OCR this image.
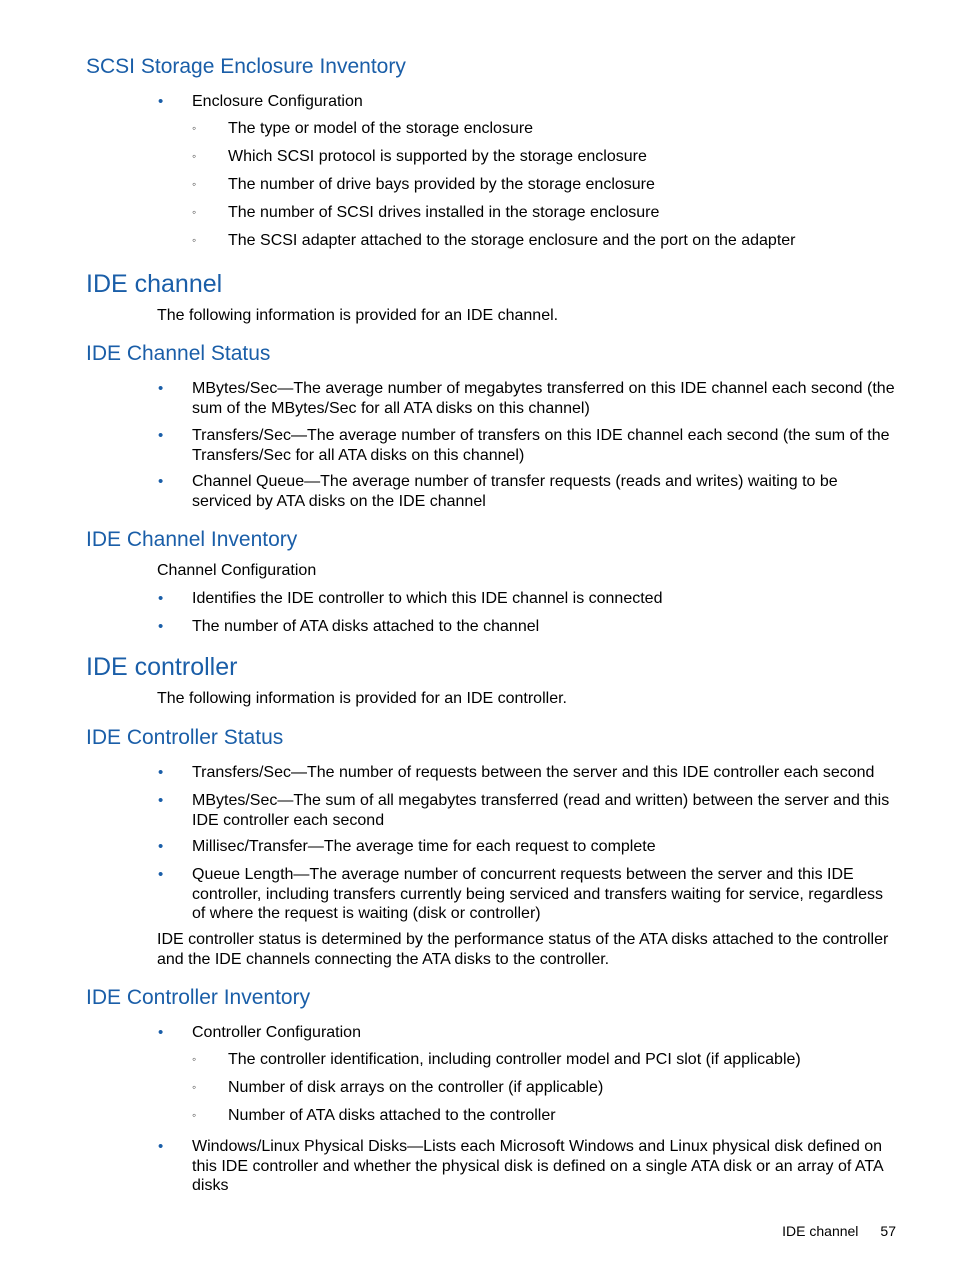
SCSI Storage Enclosure Inventory
• Enclosure Configuration
◦ The type or model of the storage enclosure
◦ Which SCSI protocol is supported by the storage enclosure
◦ The number of drive bays provided by the storage enclosure
◦ The number of SCSI drives installed in the storage enclosure
◦ The SCSI adapter attached to the storage enclosure and the port on the adapter
IDE channel

The following information is provided for an IDE channel.

IDE Channel Status
• MBytes/Sec—The average number of megabytes transferred on this IDE channel each second (the sum of the MBytes/Sec for all ATA disks on this channel)
• Transfers/Sec—The average number of transfers on this IDE channel each second (the sum of the Transfers/Sec for all ATA disks on this channel)
• Channel Queue—The average number of transfer requests (reads and writes) waiting to be serviced by ATA disks on the IDE channel
IDE Channel Inventory

Channel Configuration

• Identifies the IDE controller to which this IDE channel is connected
• The number of ATA disks attached to the channel
IDE controller

The following information is provided for an IDE controller.

IDE Controller Status
• Transfers/Sec—The number of requests between the server and this IDE controller each second
• MBytes/Sec—The sum of all megabytes transferred (read and written) between the server and this IDE controller each second
• Millisec/Transfer—The average time for each request to complete
• Queue Length—The average number of concurrent requests between the server and this IDE controller, including transfers currently being serviced and transfers waiting for service, regardless of where the request is waiting (disk or controller)

IDE controller status is determined by the performance status of the ATA disks attached to the controller and the IDE channels connecting the ATA disks to the controller.

IDE Controller Inventory
• Controller Configuration
◦ The controller identification, including controller model and PCI slot (if applicable)
◦ Number of disk arrays on the controller (if applicable)
◦ Number of ATA disks attached to the controller
• Windows/Linux Physical Disks—Lists each Microsoft Windows and Linux physical disk defined on this IDE controller and whether the physical disk is defined on a single ATA disk or an array of ATA disks
IDE channel 57
